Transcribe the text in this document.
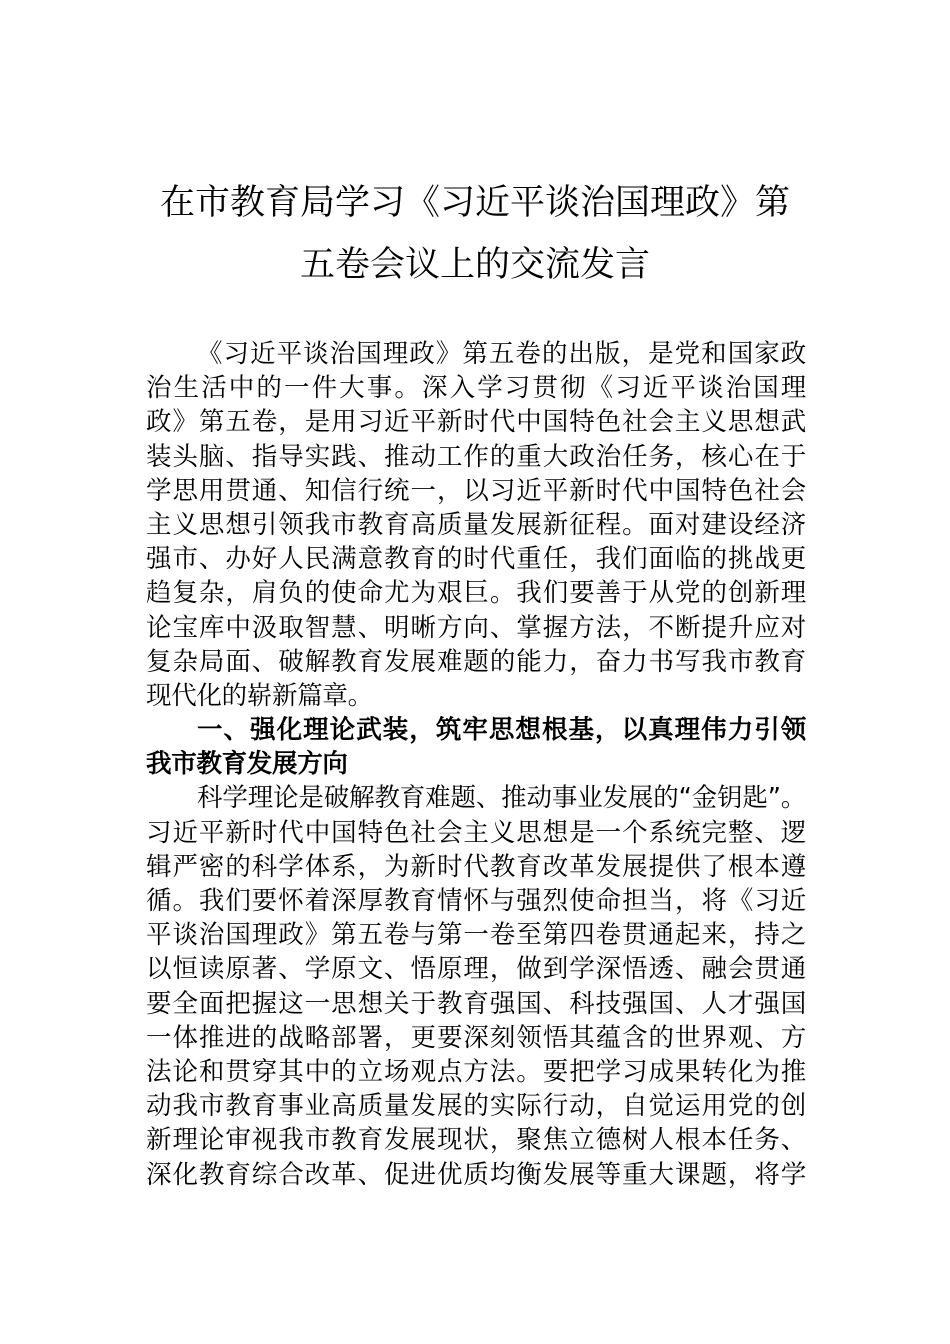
在市教育局学习《习近平谈治国理政》第
五卷会议上的交流发言
《习近平谈治国理政》第五卷的出版，是党和国家政
治生活中的一件大事。深入学习贯彻《习近平谈治国理
政》第五卷，是用习近平新时代中国特色社会主义思想武
装头脑、指导实践、推动工作的重大政治任务，核心在于
学思用贯通、知信行统一，以习近平新时代中国特色社会
主义思想引领我市教育高质量发展新征程。面对建设经济
强市、办好人民满意教育的时代重任，我们面临的挑战更
趋复杂，肩负的使命尤为艰巨。我们要善于从党的创新理
论宝库中汲取智慧、明晰方向、掌握方法，不断提升应对
复杂局面、破解教育发展难题的能力，奋力书写我市教育
现代化的崭新篇章。
一、强化理论武装，筑牢思想根基，以真理伟力引领
我市教育发展方向
科学理论是破解教育难题、推动事业发展的“金钥匙”。
习近平新时代中国特色社会主义思想是一个系统完整、逻
辑严密的科学体系，为新时代教育改革发展提供了根本遵
循。我们要怀着深厚教育情怀与强烈使命担当，将《习近
平谈治国理政》第五卷与第一卷至第四卷贯通起来，持之
以恒读原著、学原文、悟原理，做到学深悟透、融会贯通
要全面把握这一思想关于教育强国、科技强国、人才强国
一体推进的战略部署，更要深刻领悟其蕴含的世界观、方
法论和贯穿其中的立场观点方法。要把学习成果转化为推
动我市教育事业高质量发展的实际行动，自觉运用党的创
新理论审视我市教育发展现状，聚焦立德树人根本任务、
深化教育综合改革、促进优质均衡发展等重大课题，将学
